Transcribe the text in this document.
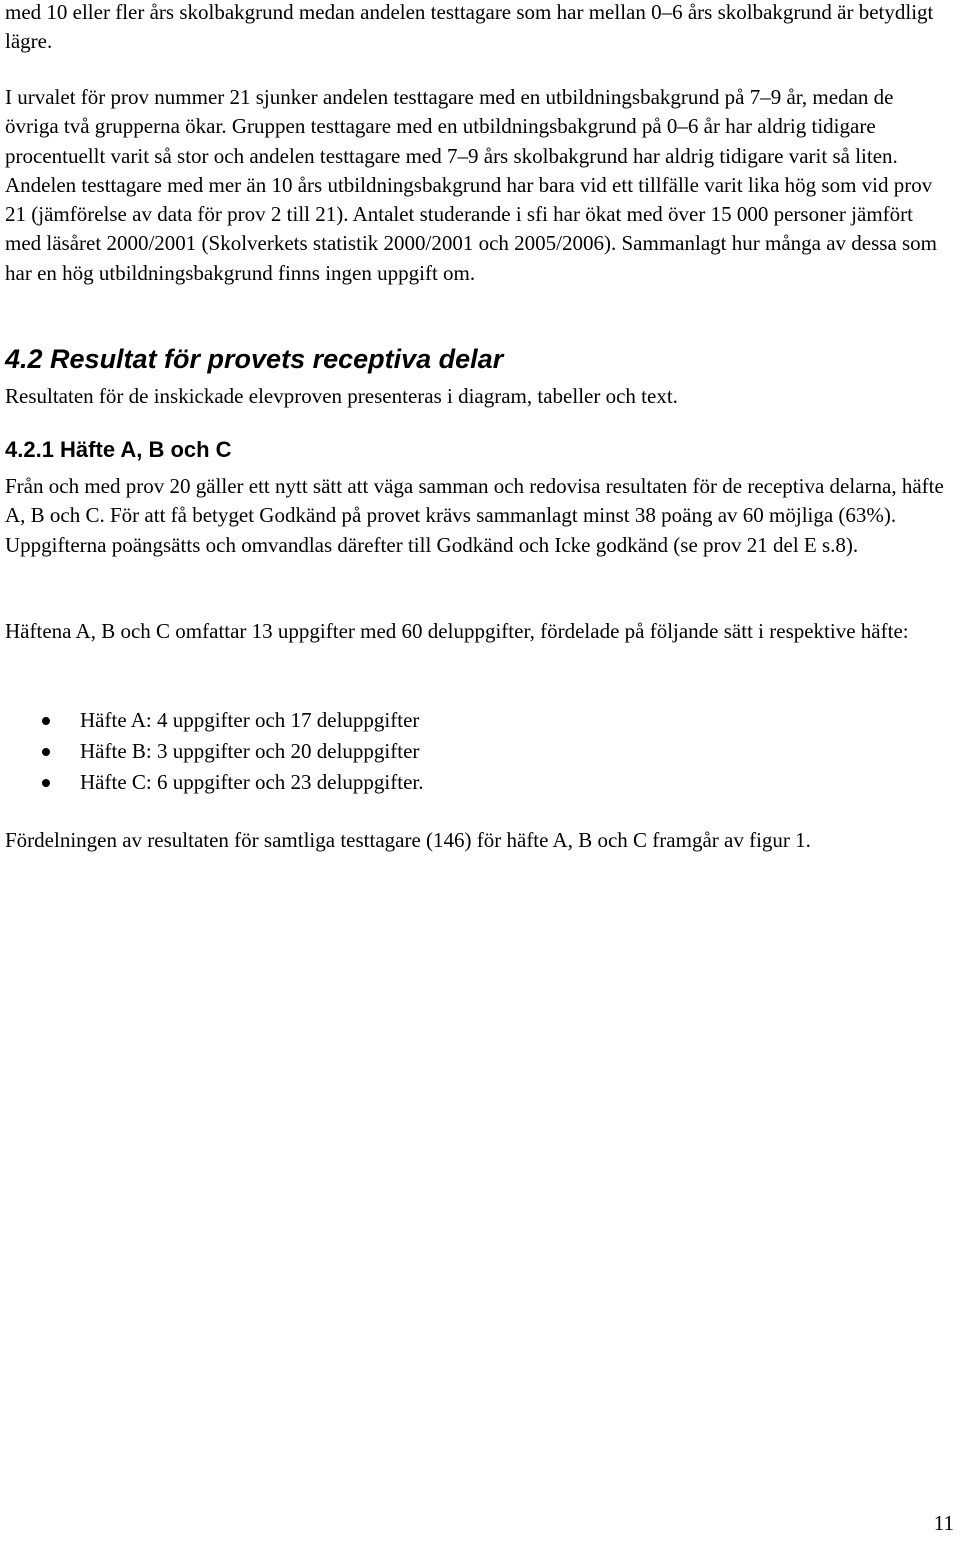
med 10 eller fler års skolbakgrund medan andelen testtagare som har mellan 0–6 års skolbakgrund är betydligt lägre.

I urvalet för prov nummer 21 sjunker andelen testtagare med en utbildningsbakgrund på 7–9 år, medan de övriga två grupperna ökar. Gruppen testtagare med en utbildningsbakgrund på 0–6 år har aldrig tidigare procentuellt varit så stor och andelen testtagare med 7–9 års skolbakgrund har aldrig tidigare varit så liten. Andelen testtagare med mer än 10 års utbildningsbakgrund har bara vid ett tillfälle varit lika hög som vid prov 21 (jämförelse av data för prov 2 till 21). Antalet studerande i sfi har ökat med över 15 000 personer jämfört med läsåret 2000/2001 (Skolverkets statistik 2000/2001 och 2005/2006). Sammanlagt hur många av dessa som har en hög utbildningsbakgrund finns ingen uppgift om.

4.2 Resultat för provets receptiva delar

Resultaten för de inskickade elevproven presenteras i diagram, tabeller och text.

4.2.1 Häfte A, B och C

Från och med prov 20 gäller ett nytt sätt att väga samman och redovisa resultaten för de receptiva delarna, häfte A, B och C. För att få betyget Godkänd på provet krävs sammanlagt minst 38 poäng av 60 möjliga (63%). Uppgifterna poängsätts och omvandlas därefter till Godkänd och Icke godkänd (se prov 21 del E s.8).

Häftena A, B och C omfattar 13 uppgifter med 60 deluppgifter, fördelade på följande sätt i respektive häfte:

Häfte A: 4 uppgifter och 17 deluppgifter
Häfte B: 3 uppgifter och 20 deluppgifter
Häfte C: 6 uppgifter och 23 deluppgifter.

Fördelningen av resultaten för samtliga testtagare (146) för häfte A, B och C framgår av figur 1.

11
